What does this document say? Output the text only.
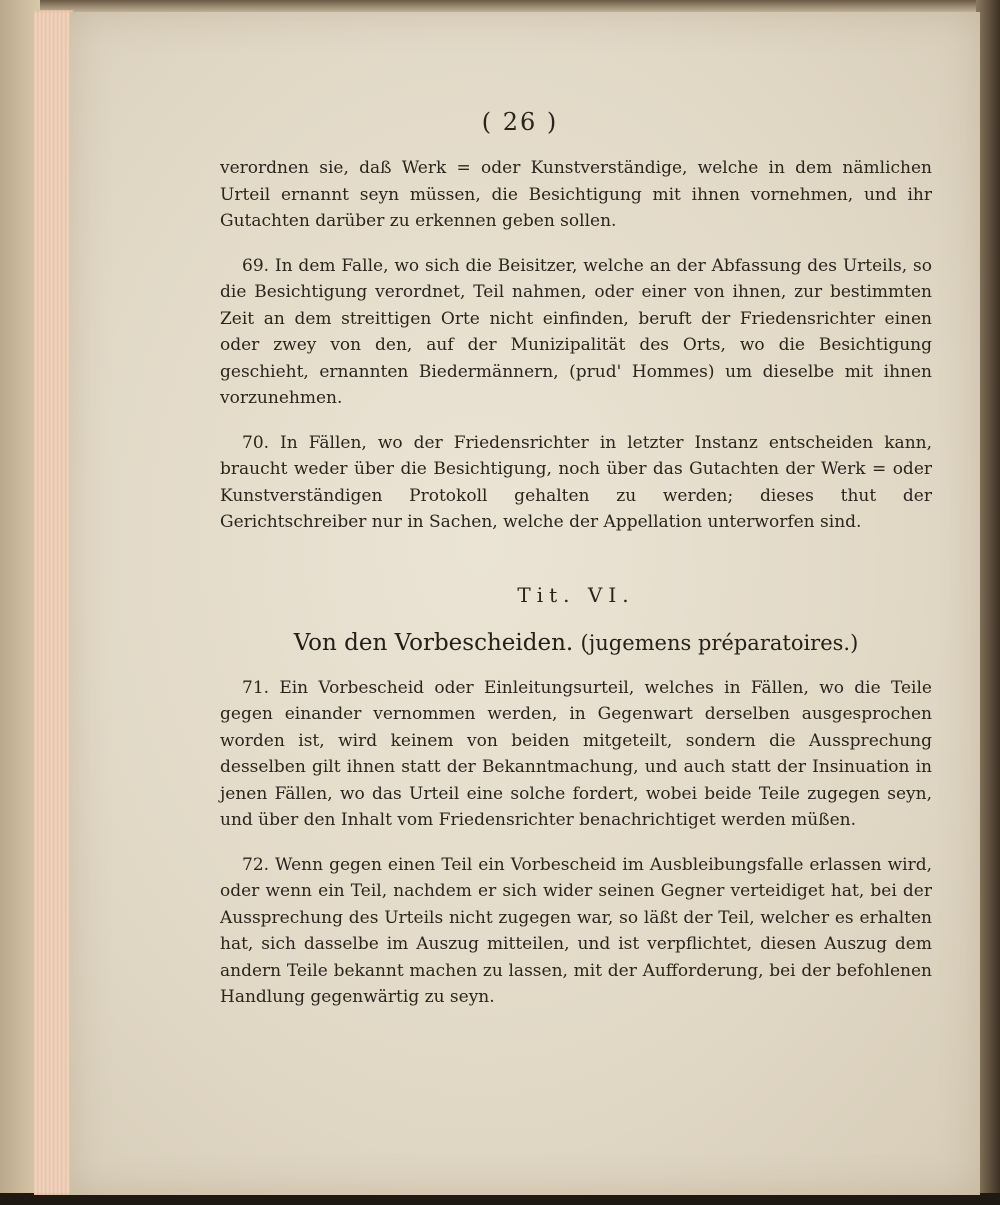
( 26 )

verordnen sie, daß Werk = oder Kunstverständige, welche in dem nämlichen Urteil ernannt seyn müssen, die Besichtigung mit ihnen vornehmen, und ihr Gutachten darüber zu erkennen geben sollen.

69. In dem Falle, wo sich die Beisitzer, welche an der Abfassung des Urteils, so die Besichtigung verordnet, Teil nahmen, oder einer von ihnen, zur bestimmten Zeit an dem streittigen Orte nicht einfinden, beruft der Friedensrichter einen oder zwey von den, auf der Munizipalität des Orts, wo die Besichtigung geschieht, ernannten Biedermännern, (prud' Hommes) um dieselbe mit ihnen vorzunehmen.

70. In Fällen, wo der Friedensrichter in letzter Instanz entscheiden kann, braucht weder über die Besichtigung, noch über das Gutachten der Werk = oder Kunstverständigen Protokoll gehalten zu werden; dieses thut der Gerichtschreiber nur in Sachen, welche der Appellation unterworfen sind.

Tit. VI.
Von den Vorbescheiden. (jugemens préparatoires.)

71. Ein Vorbescheid oder Einleitungsurteil, welches in Fällen, wo die Teile gegen einander vernommen werden, in Gegenwart derselben ausgesprochen worden ist, wird keinem von beiden mitgeteilt, sondern die Aussprechung desselben gilt ihnen statt der Bekanntmachung, und auch statt der Insinuation in jenen Fällen, wo das Urteil eine solche fordert, wobei beide Teile zugegen seyn, und über den Inhalt vom Friedensrichter benachrichtiget werden müßen.

72. Wenn gegen einen Teil ein Vorbescheid im Ausbleibungsfalle erlassen wird, oder wenn ein Teil, nachdem er sich wider seinen Gegner verteidiget hat, bei der Aussprechung des Urteils nicht zugegen war, so läßt der Teil, welcher es erhalten hat, sich dasselbe im Auszug mitteilen, und ist verpflichtet, diesen Auszug dem andern Teile bekannt machen zu lassen, mit der Aufforderung, bei der befohlenen Handlung gegenwärtig zu seyn.
